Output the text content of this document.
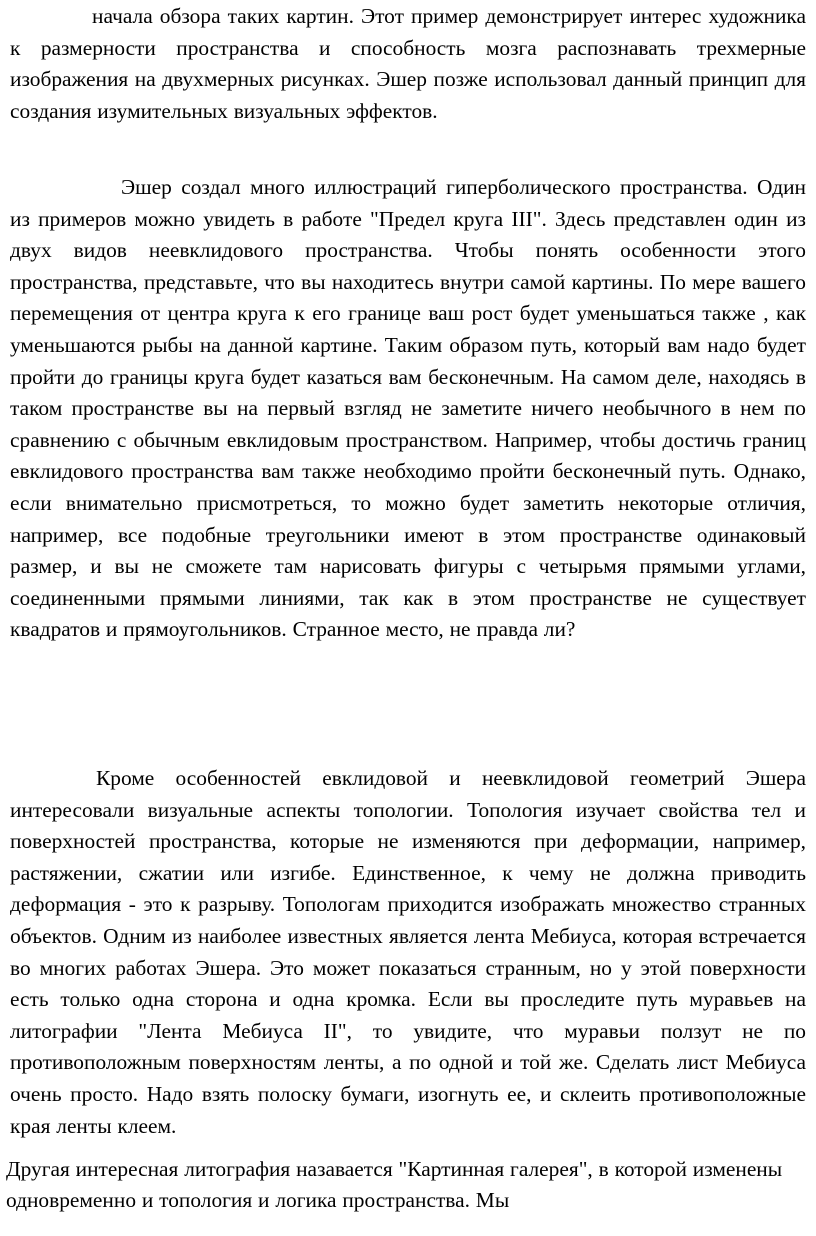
начала обзора таких картин. Этот пример демонстрирует интерес художника к размерности пространства и способность мозга распознавать трехмерные изображения на двухмерных рисунках. Эшер позже использовал данный принцип для создания изумительных визуальных эффектов.

Эшер создал много иллюстраций гиперболического пространства. Один из примеров можно увидеть в работе "Предел круга III". Здесь представлен один из двух видов неевклидового пространства. Чтобы понять особенности этого пространства, представьте, что вы находитесь внутри самой картины. По мере вашего перемещения от центра круга к его границе ваш рост будет уменьшаться также , как уменьшаются рыбы на данной картине. Таким образом путь, который вам надо будет пройти до границы круга будет казаться вам бесконечным. На самом деле, находясь в таком пространстве вы на первый взгляд не заметите ничего необычного в нем по сравнению с обычным евклидовым пространством. Например, чтобы достичь границ евклидового пространства вам также необходимо пройти бесконечный путь. Однако, если внимательно присмотреться, то можно будет заметить некоторые отличия, например, все подобные треугольники имеют в этом пространстве одинаковый размер, и вы не сможете там нарисовать фигуры с четырьмя прямыми углами, соединенными прямыми линиями, так как в этом пространстве не существует квадратов и прямоугольников. Странное место, не правда ли?

Кроме особенностей евклидовой и неевклидовой геометрий Эшера интересовали визуальные аспекты топологии. Топология изучает свойства тел и поверхностей пространства, которые не изменяются при деформации, например, растяжении, сжатии или изгибе. Единственное, к чему не должна приводить деформация - это к разрыву. Топологам приходится изображать множество странных объектов. Одним из наиболее известных является лента Мебиуса, которая встречается во многих работах Эшера. Это может показаться странным, но у этой поверхности есть только одна сторона и одна кромка. Если вы проследите путь муравьев на литографии "Лента Мебиуса II", то увидите, что муравьи ползут не по противоположным поверхностям ленты, а по одной и той же. Сделать лист Мебиуса очень просто. Надо взять полоску бумаги, изогнуть ее, и склеить противоположные края ленты клеем.

Другая интересная литография назавается "Картинная галерея", в которой изменены одновременно и топология и логика пространства. Мы
